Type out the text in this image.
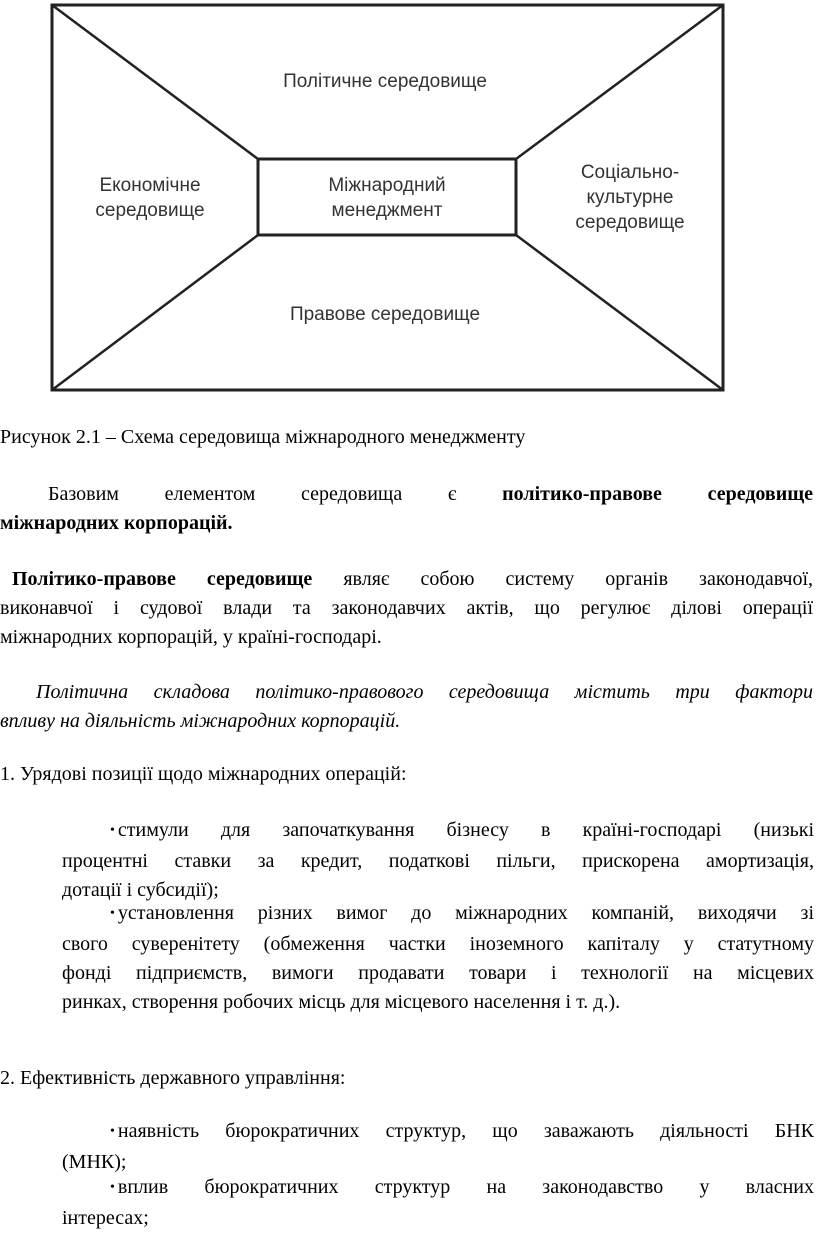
Політичне середовище
Економічне
середовище
Міжнародний
менеджмент
Соціально-
культурне
середовище
Правове середовище
Рисунок 2.1 – Схема середовища міжнародного менеджменту
Базовим елементом середовища є політико-правове середовище
міжнародних корпорацій.
Політико-правове середовище являє собою систему органів законодавчої,
виконавчої і судової влади та законодавчих актів, що регулює ділові операції
міжнародних корпорацій, у країні-господарі.
Політична складова політико-правового середовища містить три фактори
впливу на діяльність міжнародних корпорацій.
1. Урядові позиції щодо міжнародних операцій:
• стимули для започаткування бізнесу в країні-господарі (низькі
процентні ставки за кредит, податкові пільги, прискорена амортизація,
дотації і субсидії);
• установлення різних вимог до міжнародних компаній, виходячи зі
свого суверенітету (обмеження частки іноземного капіталу у статутному
фонді підприємств, вимоги продавати товари і технології на місцевих
ринках, створення робочих місць для місцевого населення і т. д.).
2. Ефективність державного управління:
• наявність бюрократичних структур, що заважають діяльності БНК
(МНК);
• вплив бюрократичних структур на законодавство у власних
інтересах;
